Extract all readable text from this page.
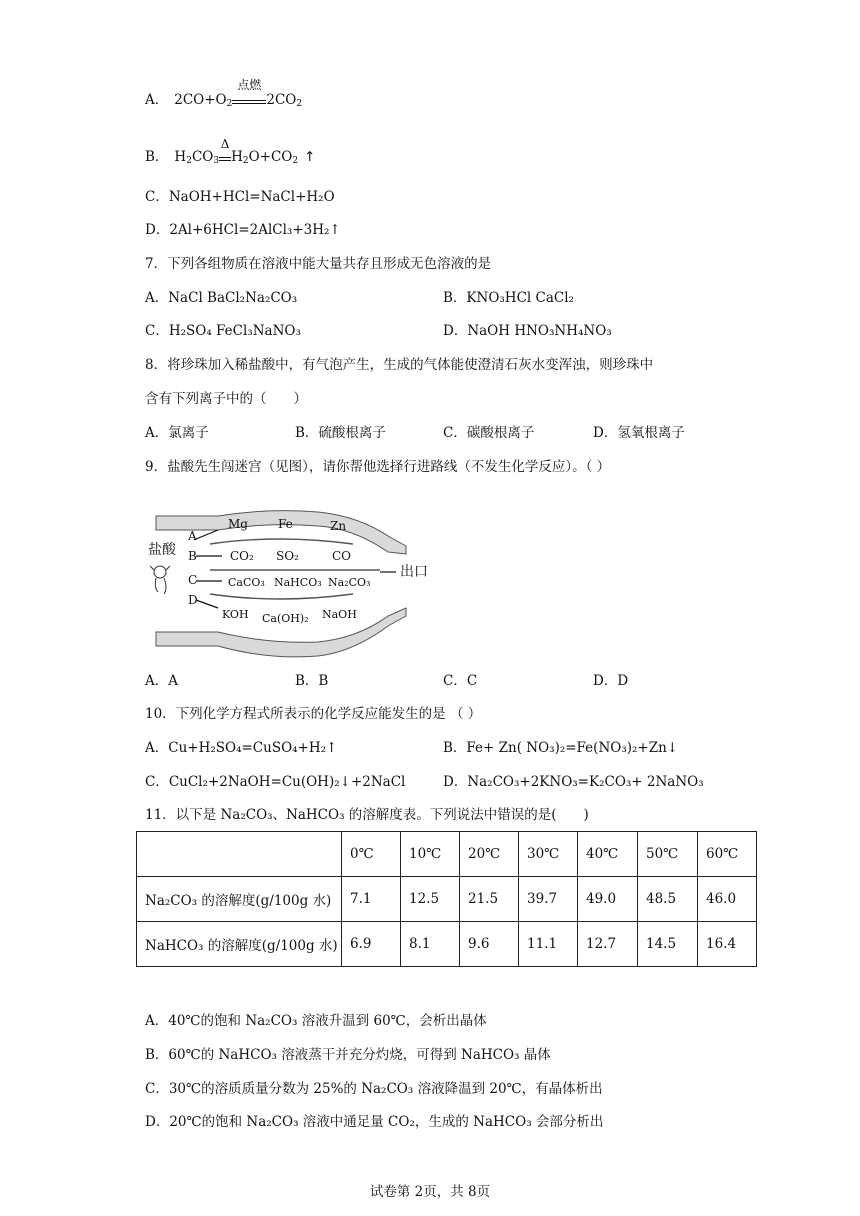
A． $2CO+O_2$
点燃
$2CO_2$
B． $H_2CO_3$
Δ
$H_2O+CO_2$ ↑
C．NaOH+HCl=NaCl+H₂O
D．2Al+6HCl=2AlCl₃+3H₂↑
7．下列各组物质在溶液中能大量共存且形成无色溶液的是
A．NaCl BaCl₂Na₂CO₃	B．KNO₃HCl CaCl₂
C．H₂SO₄ FeCl₃NaNO₃	D．NaOH HNO₃NH₄NO₃
8．将珍珠加入稀盐酸中，有气泡产生，生成的气体能使澄清石灰水变浑浊，则珍珠中
含有下列离子中的（　　）
A．氯离子	B．硫酸根离子	C．碳酸根离子	D．氢氧根离子
9．盐酸先生闯迷宫（见图），请你帮他选择行进路线（不发生化学反应）。（ ）
盐酸
出口
A
B
C
D
Mg	Fe	Zn
CO₂ SO₂	CO
CaCO₃ NaHCO₃ Na₂CO₃
KOH Ca(OH)₂ NaOH
A．A	B．B	C．C	D．D
10．下列化学方程式所表示的化学反应能发生的是 （ ）
A．Cu+H₂SO₄=CuSO₄+H₂↑	B．Fe+ Zn( NO₃)₂=Fe(NO₃)₂+Zn↓
C．CuCl₂+2NaOH=Cu(OH)₂↓+2NaCl	D．Na₂CO₃+2KNO₃=K₂CO₃+ 2NaNO₃
11．以下是 Na₂CO₃、NaHCO₃ 的溶解度表。下列说法中错误的是(　　)
	0℃	10℃	20℃	30℃	40℃	50℃	60℃
Na₂CO₃ 的溶解度(g/100g 水)	7.1	12.5	21.5	39.7	49.0	48.5	46.0
NaHCO₃ 的溶解度(g/100g 水)	6.9	8.1	9.6	11.1	12.7	14.5	16.4
A．40℃的饱和 Na₂CO₃ 溶液升温到 60℃，会析出晶体
B．60℃的 NaHCO₃ 溶液蒸干并充分灼烧，可得到 NaHCO₃ 晶体
C．30℃的溶质质量分数为 25%的 Na₂CO₃ 溶液降温到 20℃，有晶体析出
D．20℃的饱和 Na₂CO₃ 溶液中通足量 CO₂，生成的 NaHCO₃ 会部分析出
试卷第 2页，共 8页
